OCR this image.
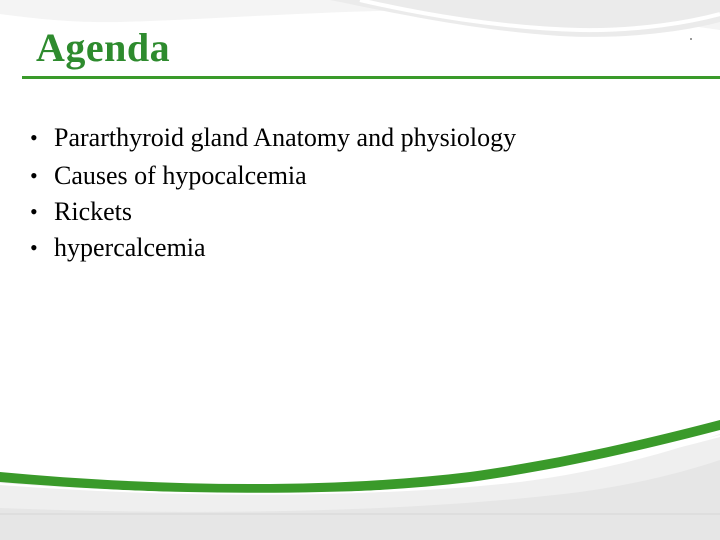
Agenda
• Pararthyroid gland Anatomy and physiology
• Causes of hypocalcemia
• Rickets
• hypercalcemia
